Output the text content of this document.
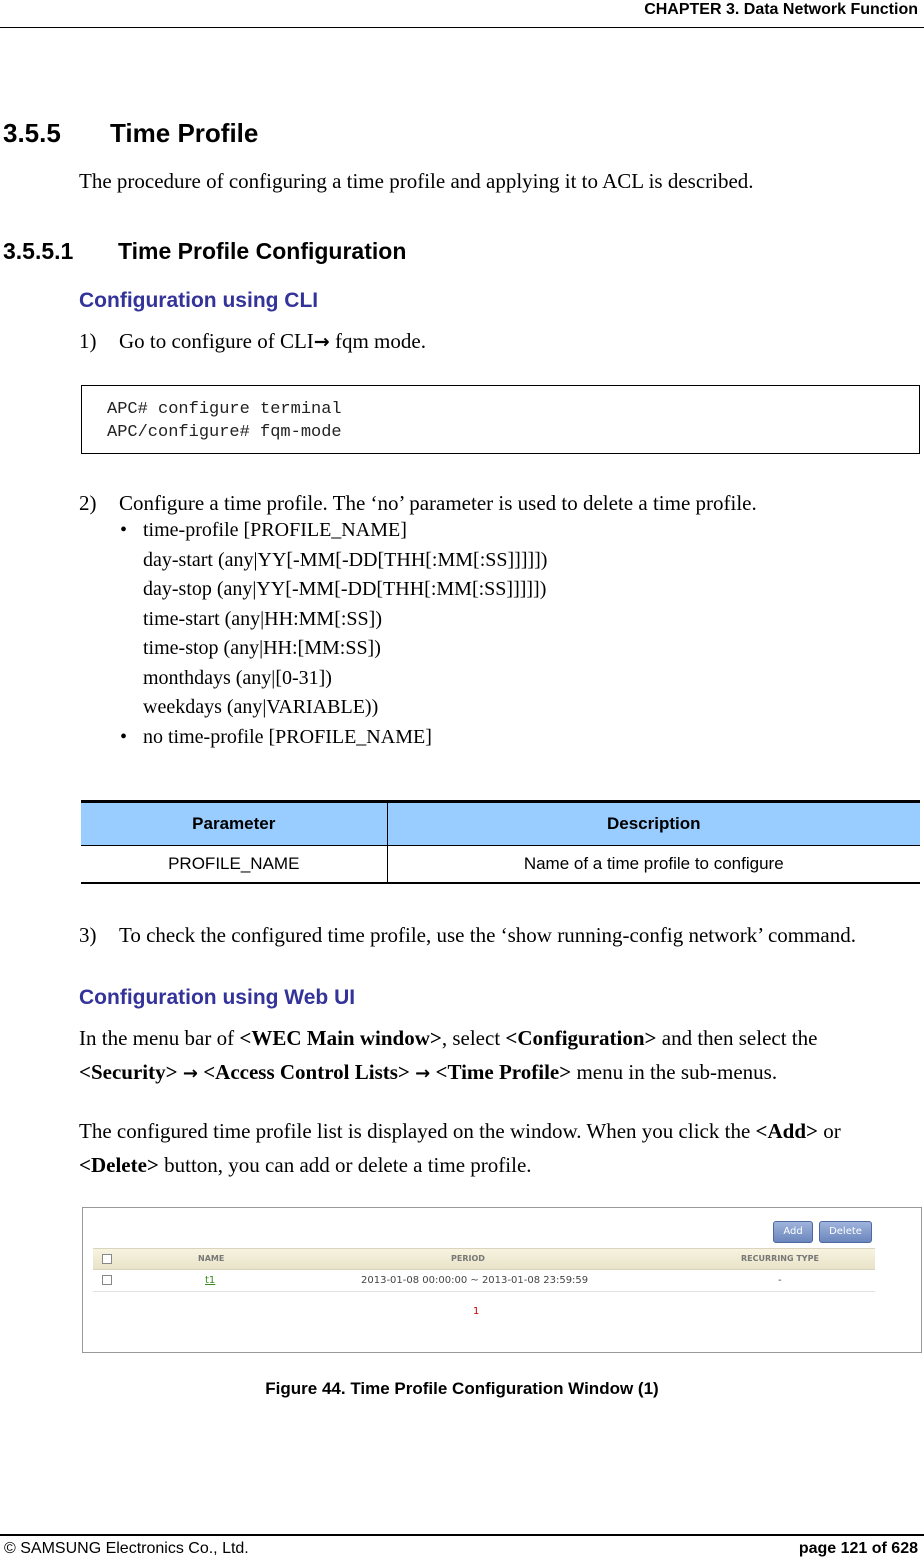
CHAPTER 3. Data Network Function
3.5.5 Time Profile
The procedure of configuring a time profile and applying it to ACL is described.
3.5.5.1 Time Profile Configuration
Configuration using CLI
1) Go to configure of CLI→ fqm mode.
APC# configure terminal
APC/configure# fqm-mode
2) Configure a time profile. The ‘no’ parameter is used to delete a time profile.
• time-profile [PROFILE_NAME]
day-start (any|YY[-MM[-DD[THH[:MM[:SS]]]]])
day-stop (any|YY[-MM[-DD[THH[:MM[:SS]]]]])
time-start (any|HH:MM[:SS])
time-stop (any|HH:[MM:SS])
monthdays (any|[0-31])
weekdays (any|VARIABLE))
• no time-profile [PROFILE_NAME]
Parameter	Description
PROFILE_NAME	Name of a time profile to configure
3) To check the configured time profile, use the ‘show running-config network’ command.
Configuration using Web UI
In the menu bar of <WEC Main window>, select <Configuration> and then select the
<Security> → <Access Control Lists> → <Time Profile> menu in the sub-menus.
The configured time profile list is displayed on the window. When you click the <Add> or
<Delete> button, you can add or delete a time profile.
Add	Delete
NAME	PERIOD	RECURRING TYPE
t1	2013-01-08 00:00:00 ~ 2013-01-08 23:59:59	-
1
Figure 44. Time Profile Configuration Window (1)
© SAMSUNG Electronics Co., Ltd.	page 121 of 628
